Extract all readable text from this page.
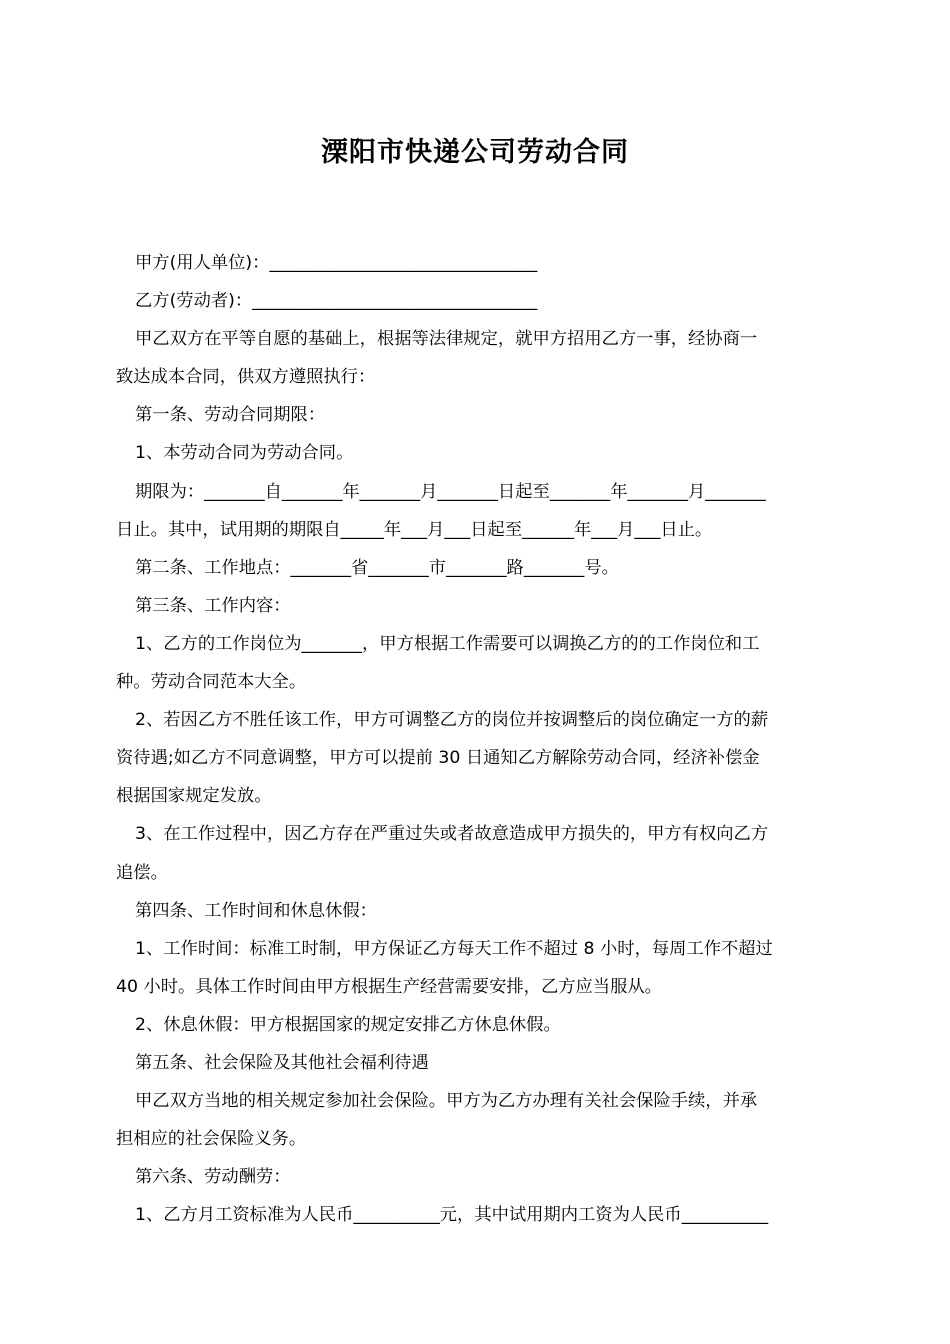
溧阳市快递公司劳动合同
甲方(用人单位)：_______________________________
乙方(劳动者)：_________________________________
甲乙双方在平等自愿的基础上，根据等法律规定，就甲方招用乙方一事，经协商一
致达成本合同，供双方遵照执行：
第一条、劳动合同期限：
1、本劳动合同为劳动合同。
期限为：_______自_______年_______月_______日起至_______年_______月_______
日止。其中，试用期的期限自_____年___月___日起至______年___月___日止。
第二条、工作地点：_______省_______市_______路_______号。
第三条、工作内容：
1、乙方的工作岗位为_______，甲方根据工作需要可以调换乙方的的工作岗位和工
种。劳动合同范本大全。
2、若因乙方不胜任该工作，甲方可调整乙方的岗位并按调整后的岗位确定一方的薪
资待遇;如乙方不同意调整，甲方可以提前 30 日通知乙方解除劳动合同，经济补偿金
根据国家规定发放。
3、在工作过程中，因乙方存在严重过失或者故意造成甲方损失的，甲方有权向乙方
追偿。
第四条、工作时间和休息休假：
1、工作时间：标准工时制，甲方保证乙方每天工作不超过 8 小时，每周工作不超过
40 小时。具体工作时间由甲方根据生产经营需要安排，乙方应当服从。
2、休息休假：甲方根据国家的规定安排乙方休息休假。
第五条、社会保险及其他社会福利待遇
甲乙双方当地的相关规定参加社会保险。甲方为乙方办理有关社会保险手续，并承
担相应的社会保险义务。
第六条、劳动酬劳：
1、乙方月工资标准为人民币__________元，其中试用期内工资为人民币__________
